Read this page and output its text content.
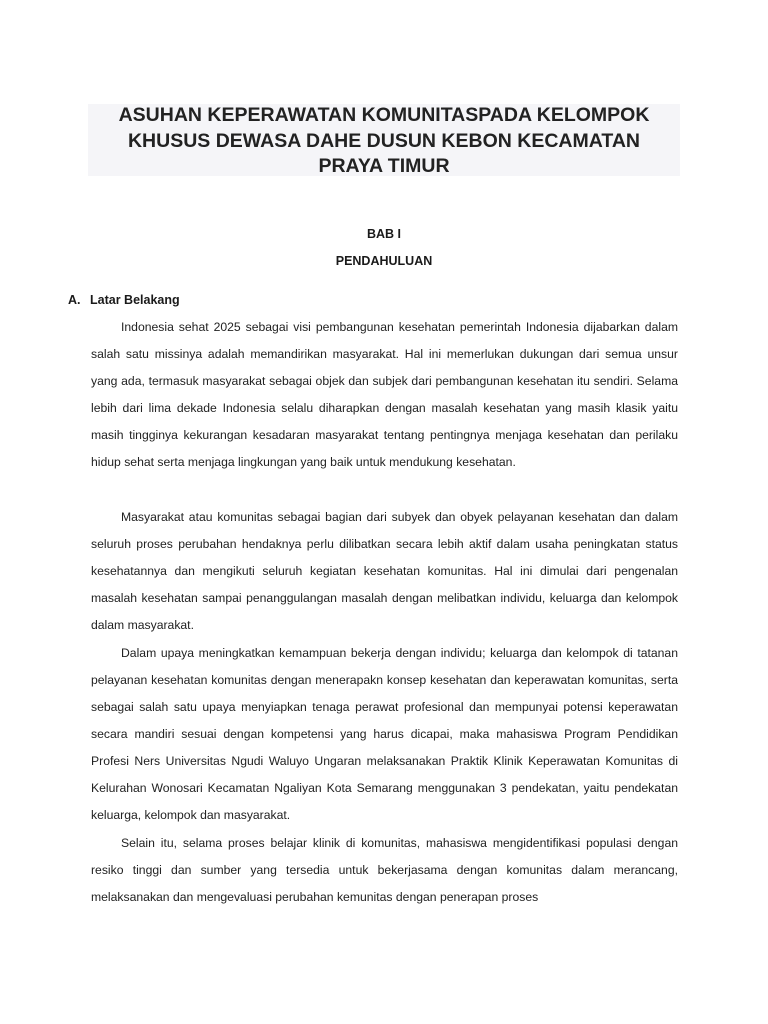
ASUHAN KEPERAWATAN KOMUNITASPADA KELOMPOK
KHUSUS DEWASA DAHE DUSUN KEBON KECAMATAN
PRAYA TIMUR

BAB I

PENDAHULUAN

A. Latar Belakang

Indonesia sehat 2025 sebagai visi pembangunan kesehatan pemerintah Indonesia dijabarkan dalam salah satu missinya adalah memandirikan masyarakat. Hal ini memerlukan dukungan dari semua unsur yang ada, termasuk masyarakat sebagai objek dan subjek dari pembangunan kesehatan itu sendiri. Selama lebih dari lima dekade Indonesia selalu diharapkan dengan masalah kesehatan yang masih klasik yaitu masih tingginya kekurangan kesadaran masyarakat tentang pentingnya menjaga kesehatan dan perilaku hidup sehat serta menjaga lingkungan yang baik untuk mendukung kesehatan.

Masyarakat atau komunitas sebagai bagian dari subyek dan obyek pelayanan kesehatan dan dalam seluruh proses perubahan hendaknya perlu dilibatkan secara lebih aktif dalam usaha peningkatan status kesehatannya dan mengikuti seluruh kegiatan kesehatan komunitas. Hal ini dimulai dari pengenalan masalah kesehatan sampai penanggulangan masalah dengan melibatkan individu, keluarga dan kelompok dalam masyarakat.

Dalam upaya meningkatkan kemampuan bekerja dengan individu; keluarga dan kelompok di tatanan pelayanan kesehatan komunitas dengan menerapakn konsep kesehatan dan keperawatan komunitas, serta sebagai salah satu upaya menyiapkan tenaga perawat profesional dan mempunyai potensi keperawatan secara mandiri sesuai dengan kompetensi yang harus dicapai, maka mahasiswa Program Pendidikan Profesi Ners Universitas Ngudi Waluyo Ungaran melaksanakan Praktik Klinik Keperawatan Komunitas di Kelurahan Wonosari Kecamatan Ngaliyan Kota Semarang menggunakan 3 pendekatan, yaitu pendekatan keluarga, kelompok dan masyarakat.

Selain itu, selama proses belajar klinik di komunitas, mahasiswa mengidentifikasi populasi dengan resiko tinggi dan sumber yang tersedia untuk bekerjasama dengan komunitas dalam merancang, melaksanakan dan mengevaluasi perubahan kemunitas dengan penerapan proses
